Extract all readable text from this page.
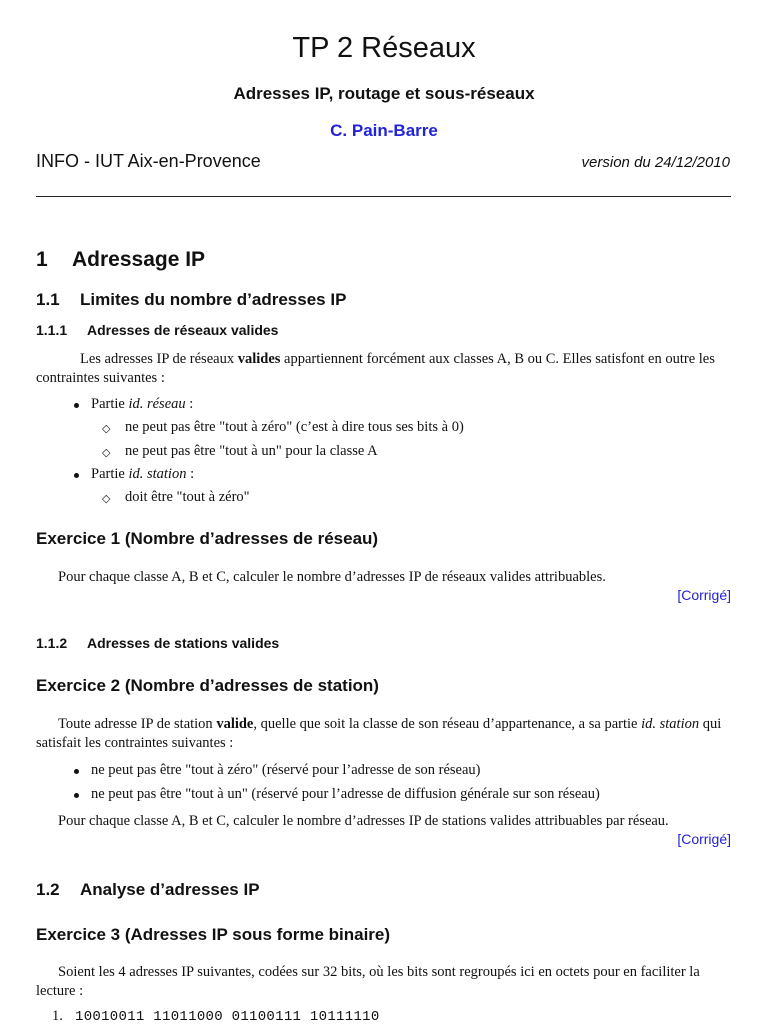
TP 2 Réseaux
Adresses IP, routage et sous-réseaux
C. Pain-Barre
INFO - IUT Aix-en-Provence	version du 24/12/2010
1 Adressage IP
1.1 Limites du nombre d’adresses IP
1.1.1 Adresses de réseaux valides
Les adresses IP de réseaux valides appartiennent forcément aux classes A, B ou C. Elles satisfont en outre les contraintes suivantes :
Partie id. réseau :
◇ ne peut pas être "tout à zéro" (c’est à dire tous ses bits à 0)
◇ ne peut pas être "tout à un" pour la classe A
Partie id. station :
◇ doit être "tout à zéro"
Exercice 1 (Nombre d’adresses de réseau)
Pour chaque classe A, B et C, calculer le nombre d’adresses IP de réseaux valides attribuables.
[Corrigé]
1.1.2 Adresses de stations valides
Exercice 2 (Nombre d’adresses de station)
Toute adresse IP de station valide, quelle que soit la classe de son réseau d’appartenance, a sa partie id. station qui satisfait les contraintes suivantes :
ne peut pas être "tout à zéro" (réservé pour l’adresse de son réseau)
ne peut pas être "tout à un" (réservé pour l’adresse de diffusion générale sur son réseau)
Pour chaque classe A, B et C, calculer le nombre d’adresses IP de stations valides attribuables par réseau.
[Corrigé]
1.2 Analyse d’adresses IP
Exercice 3 (Adresses IP sous forme binaire)
Soient les 4 adresses IP suivantes, codées sur 32 bits, où les bits sont regroupés ici en octets pour en faciliter la lecture :
1. 10010011 11011000 01100111 10111110
